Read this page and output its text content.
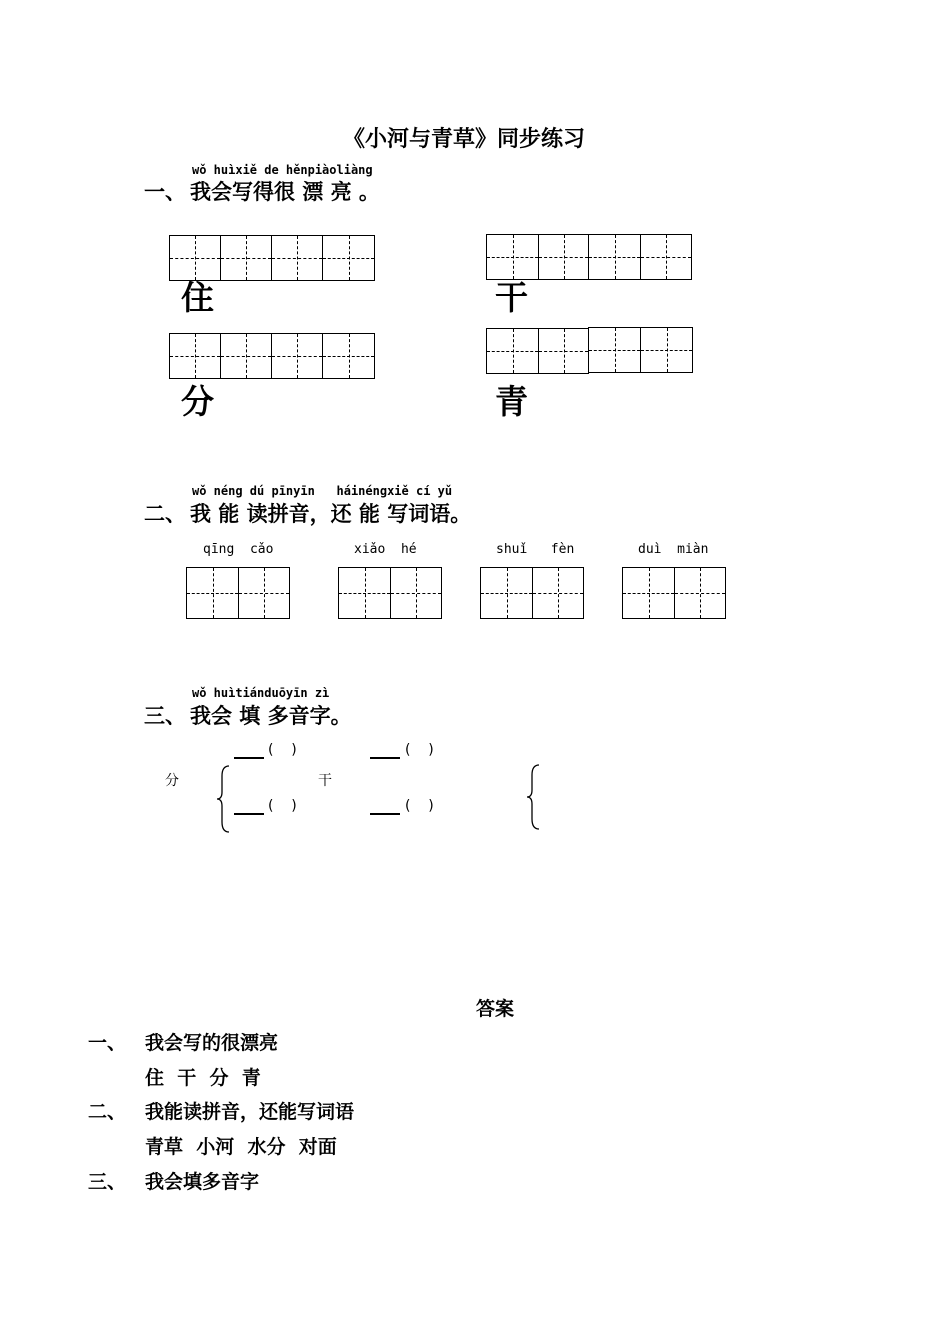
《小河与青草》同步练习
wǒ huìxiě de hěnpiàoliàng
一、 我会写得很 漂 亮 。
住	干
分	青
wǒ néng dú pīnyīn   háinéngxiě cí yǔ
二、 我 能 读拼音，还 能 写词语。
qīng  cǎo	xiǎo  hé	shuǐ   fèn	duì  miàn
wǒ huìtiánduōyīn zì
三、 我会 填 多音字。
分	干
(    )	(    )
(    )	(    )
答案
一、 我会写的很漂亮
住  干  分  青
二、 我能读拼音，还能写词语
青草  小河  水分  对面
三、 我会填多音字
